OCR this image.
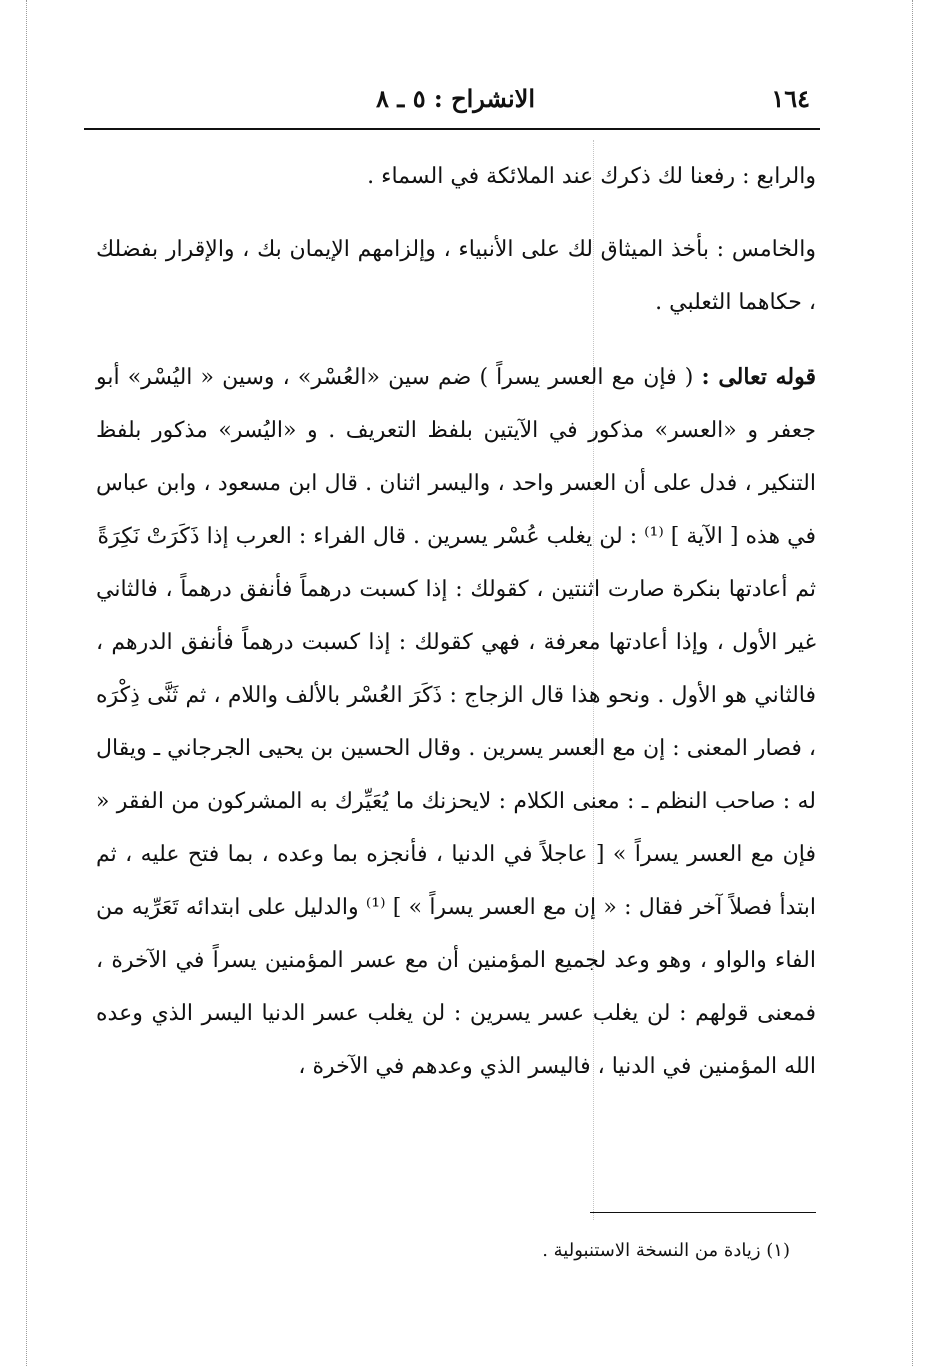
١٦٤
الانشراح : ٥ ـ ٨

والرابع : رفعنا لك ذكرك عند الملائكة في السماء .

والخامس : بأخذ الميثاق لك على الأنبياء ، وإلزامهم الإيمان بك ، والإقرار بفضلك ، حكاهما الثعلبي .

قوله تعالى : ( فإن مع العسر يسراً ) ضم سين «العُسْر» ، وسين « اليُسْر» أبو جعفر و «العسر» مذكور في الآيتين بلفظ التعريف . و «اليُسر» مذكور بلفظ التنكير ، فدل على أن العسر واحد ، واليسر اثنان . قال ابن مسعود ، وابن عباس في هذه [ الآية ] ⁽¹⁾ : لن يغلب عُسْر يسرين . قال الفراء : العرب إذا ذَكَرَتْ نَكِرَةً

ثم أعادتها بنكرة صارت اثنتين ، كقولك : إذا كسبت درهماً فأنفق درهماً ، فالثاني غير الأول ، وإذا أعادتها معرفة ، فهي كقولك : إذا كسبت درهماً فأنفق الدرهم ، فالثاني هو الأول . ونحو هذا قال الزجاج : ذَكَرَ العُسْر بالألف واللام ، ثم ثَنَّى ذِكْرَه ، فصار المعنى : إن مع العسر يسرين . وقال الحسين بن يحيى الجرجاني ـ ويقال له : صاحب النظم ـ : معنى الكلام : لايحزنك ما يُعَيِّرك به المشركون من الفقر « فإن مع العسر يسراً » [ عاجلاً في الدنيا ، فأنجزه بما وعده ، بما فتح عليه ، ثم ابتدأ فصلاً آخر فقال : « إن مع العسر يسراً » ] ⁽¹⁾ والدليل على ابتدائه تَعَرِّيه من الفاء والواو ، وهو وعد لجميع المؤمنين أن مع عسر المؤمنين يسراً في الآخرة ، فمعنى قولهم : لن يغلب عسر يسرين : لن يغلب عسر الدنيا اليسر الذي وعده الله المؤمنين في الدنيا ، فاليسر الذي وعدهم في الآخرة ،

(١) زيادة من النسخة الاستنبولية .
